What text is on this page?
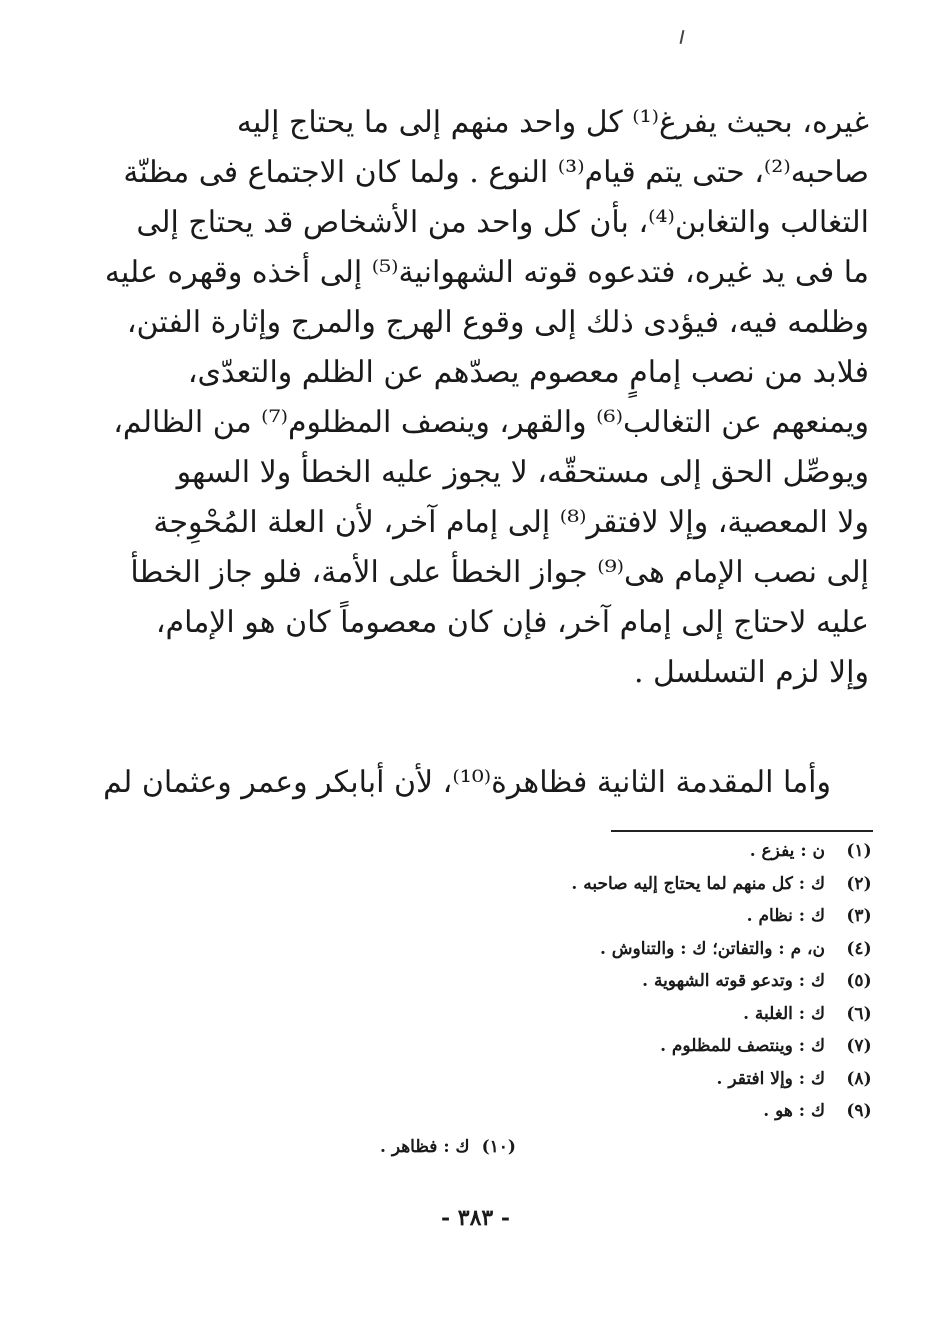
غيره، بحيث يفرغ⁽¹⁾ كل واحد منهم إلى ما يحتاج إليه
صاحبه⁽²⁾، حتى يتم قيام⁽³⁾ النوع . ولما كان الاجتماع فى مظنّة
التغالب والتغابن⁽⁴⁾، بأن كل واحد من الأشخاص قد يحتاج إلى
ما فى يد غيره، فتدعوه قوته الشهوانية⁽⁵⁾ إلى أخذه وقهره عليه
وظلمه فيه، فيؤدى ذلك إلى وقوع الهرج والمرج وإثارة الفتن،
فلابد من نصب إمامٍ معصوم يصدّهم عن الظلم والتعدّى،
ويمنعهم عن التغالب⁽⁶⁾ والقهر، وينصف المظلوم⁽⁷⁾ من الظالم،
ويوصِّل الحق إلى مستحقّه، لا يجوز عليه الخطأ ولا السهو
ولا المعصية، وإلا لافتقر⁽⁸⁾ إلى إمام آخر، لأن العلة المُحْوِجة
إلى نصب الإمام هى⁽⁹⁾ جواز الخطأ على الأمة، فلو جاز الخطأ
عليه لاحتاج إلى إمام آخر، فإن كان معصوماً كان هو الإمام،
وإلا لزم التسلسل .
وأما المقدمة الثانية فظاهرة⁽¹⁰⁾، لأن أبابكر وعمر وعثمان لم
(١)ن : يفزع .
(٢)ك : كل منهم لما يحتاج إليه صاحبه .
(٣)ك : نظام .
(٤)ن، م : والتفاتن؛ ك : والتناوش .
(٥)ك : وتدعو قوته الشهوية .
(٦)ك : الغلبة .
(٧)ك : وينتصف للمظلوم .
(٨)ك : وإلا افتقر .
(٩)ك : هو .
(١٠)ك : فظاهر .
- ٣٨٣ -
